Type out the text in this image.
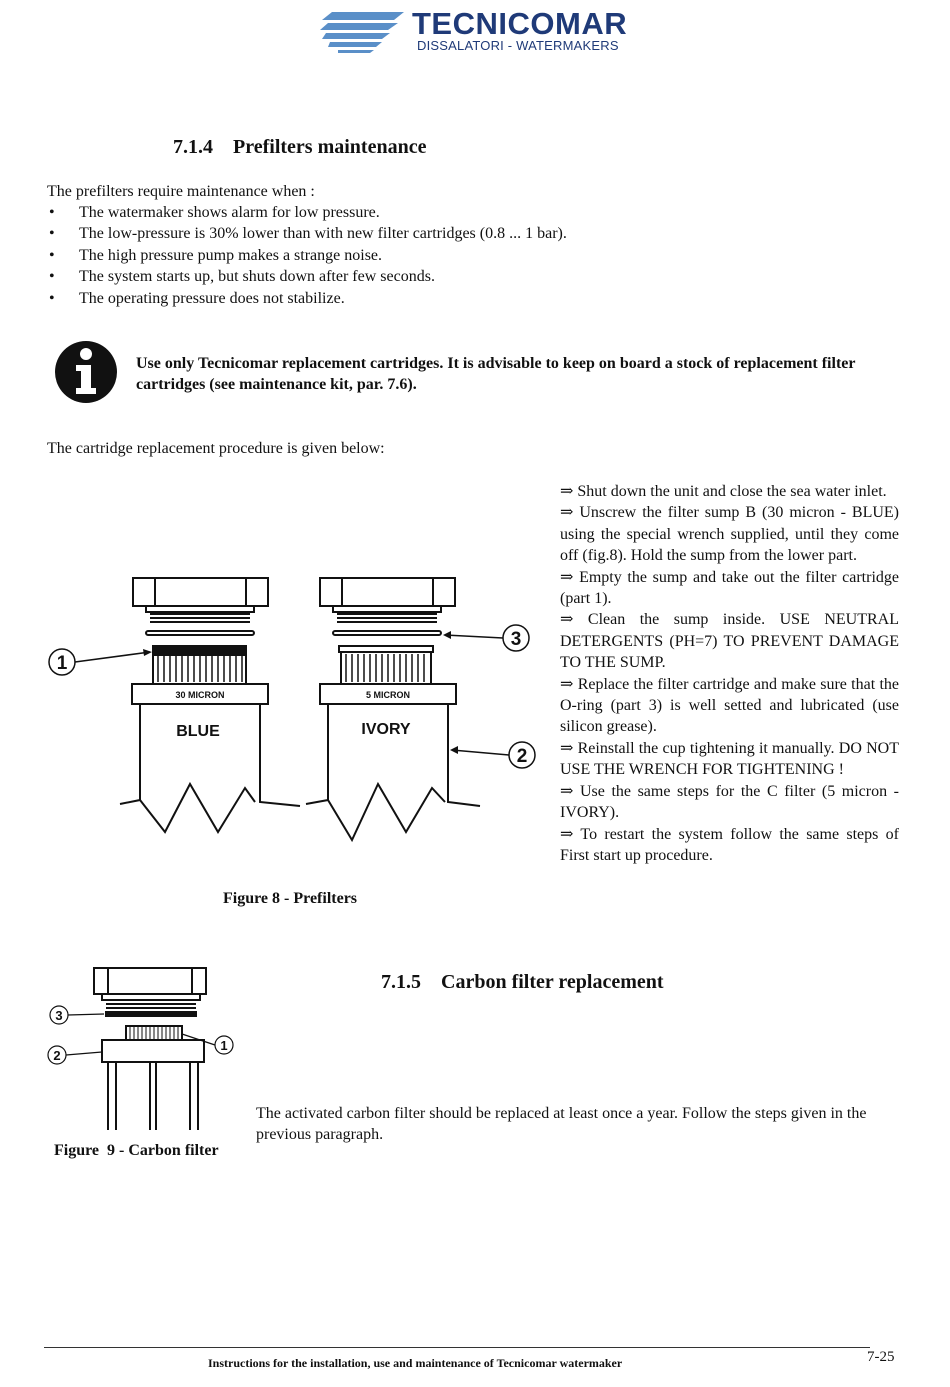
TECNICOMAR
DISSALATORI - WATERMAKERS
7.1.4    Prefilters maintenance
The prefilters require maintenance when :
• The watermaker shows alarm for low pressure.
• The low-pressure is 30% lower than with new filter cartridges (0.8 ... 1 bar).
• The high pressure pump makes a strange noise.
• The system starts up, but shuts down after few seconds.
• The operating pressure does not stabilize.
Use only Tecnicomar replacement cartridges. It is advisable to keep on board a stock of replacement filter cartridges (see maintenance kit, par. 7.6).
The cartridge replacement procedure is given below:
30 MICRON
BLUE
5 MICRON
IVORY
1
3
2
Figure 8 - Prefilters

⇒ Shut down the unit and close the sea water inlet.

⇒ Unscrew the filter sump B (30 micron - BLUE) using the special wrench supplied, until they come off (fig.8). Hold the sump from the lower part.

⇒ Empty the sump and take out the filter cartridge (part 1).

⇒ Clean the sump inside. USE NEUTRAL DETERGENTS (PH=7) TO PREVENT DAMAGE TO THE SUMP.

⇒ Replace the filter cartridge and make sure that the O-ring (part 3) is well setted and lubricated (use silicon grease).

⇒ Reinstall the cup tightening it manually. DO NOT USE THE WRENCH FOR TIGHTENING !

⇒ Use the same steps for the C filter (5 micron -IVORY).

⇒ To restart the system follow the same steps of First start up procedure.

7.1.5    Carbon filter replacement
3
2
1
Figure  9 - Carbon filter
The activated carbon filter should be replaced at least once a year. Follow the steps given in the previous paragraph.
Instructions for the installation, use and maintenance of Tecnicomar watermaker	7-25
